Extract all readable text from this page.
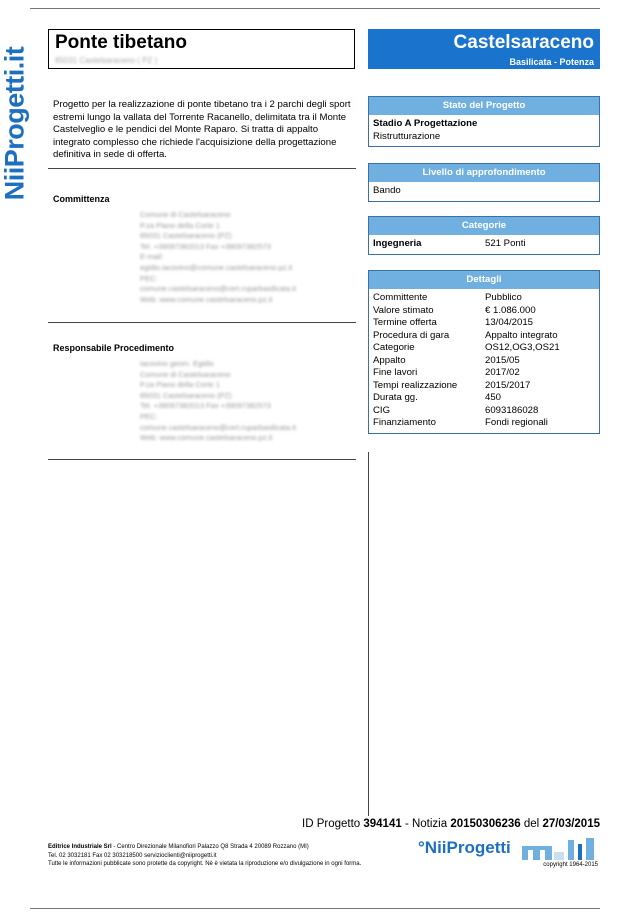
NiiProgetti.it
Ponte tibetano
85031 Castelsaraceno ( PZ )
Castelsaraceno
Basilicata - Potenza
Progetto per la realizzazione di ponte tibetano tra i 2 parchi degli sport estremi lungo la vallata del Torrente Racanello, delimitata tra il Monte Castelveglio e le pendici del Monte Raparo. Si tratta di appalto integrato complesso che richiede l'acquisizione della progettazione definitiva in sede di offerta.
Committenza
Comune di Castelsaraceno
P.za Piano della Corte 1
85031 Castelsaraceno (PZ)
Tel. +39097382013 Fax +39097382573
E-mail:
egidio.iacovino@comune.castelsaraceno.pz.it
PEC:
comune.castelsaraceno@cert.ruparbasilicata.it
Web: www.comune.castelsaraceno.pz.it
Responsabile Procedimento
Iacovino geom. Egidio
Comune di Castelsaraceno
P.za Piano della Corte 1
85031 Castelsaraceno (PZ)
Tel. +39097382013 Fax +39097382573
PEC:
comune.castelsaraceno@cert.ruparbasilicata.it
Web: www.comune.castelsaraceno.pz.it
Stato del Progetto
Stadio A Progettazione
Ristrutturazione
Livello di approfondimento
Bando
Categorie
Ingegneria	521 Ponti
Dettagli
Committente	Pubblico
Valore stimato	€ 1.086.000
Termine offerta	13/04/2015
Procedura di gara	Appalto integrato
Categorie	OS12,OG3,OS21
Appalto	2015/05
Fine lavori	2017/02
Tempi realizzazione	2015/2017
Durata gg.	450
CIG	6093186028
Finanziamento	Fondi regionali
ID Progetto 394141 - Notizia 20150306236 del 27/03/2015
Editrice Industriale Srl - Centro Direzionale Milanofiori Palazzo Q8 Strada 4 20089 Rozzano (MI)
Tel. 02 3032181 Fax 02 303218500 servizioclienti@niiprogetti.it
Tutte le informazioni pubblicate sono protette da copyright. Nè è vietata la riproduzione e/o divulgazione in ogni forma.
°NiiProgetti
copyright 1964-2015
